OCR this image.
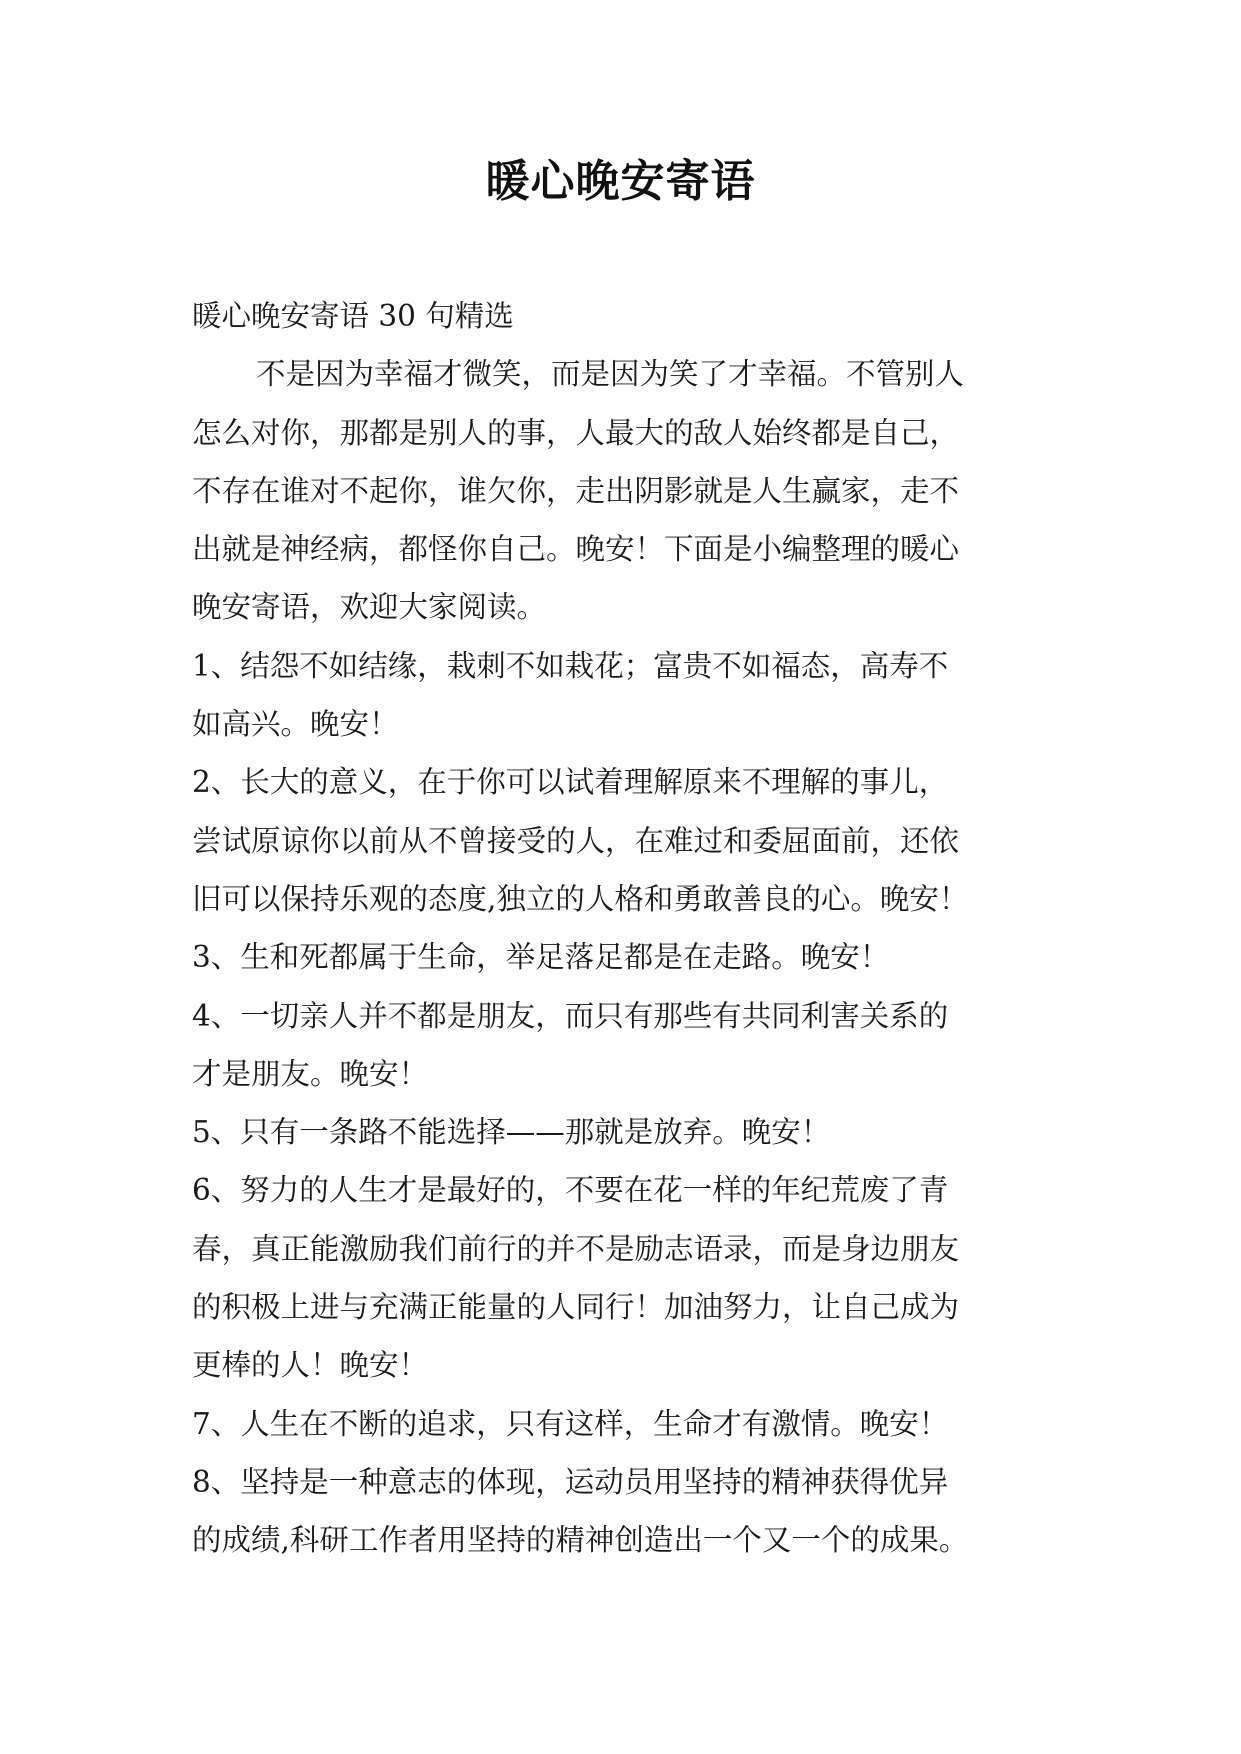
暖心晚安寄语
暖心晚安寄语 30 句精选
不是因为幸福才微笑，而是因为笑了才幸福。不管别人
怎么对你，那都是别人的事，人最大的敌人始终都是自己，
不存在谁对不起你，谁欠你，走出阴影就是人生赢家，走不
出就是神经病，都怪你自己。晚安！下面是小编整理的暖心
晚安寄语，欢迎大家阅读。
1、结怨不如结缘，栽刺不如栽花；富贵不如福态，高寿不
如高兴。晚安！
2、长大的意义，在于你可以试着理解原来不理解的事儿，
尝试原谅你以前从不曾接受的人，在难过和委屈面前，还依
旧可以保持乐观的态度,独立的人格和勇敢善良的心。晚安！
3、生和死都属于生命，举足落足都是在走路。晚安！
4、一切亲人并不都是朋友，而只有那些有共同利害关系的
才是朋友。晚安！
5、只有一条路不能选择——那就是放弃。晚安！
6、努力的人生才是最好的，不要在花一样的年纪荒废了青
春，真正能激励我们前行的并不是励志语录，而是身边朋友
的积极上进与充满正能量的人同行！加油努力，让自己成为
更棒的人！晚安！
7、人生在不断的追求，只有这样，生命才有激情。晚安！
8、坚持是一种意志的体现，运动员用坚持的精神获得优异
的成绩,科研工作者用坚持的精神创造出一个又一个的成果。
